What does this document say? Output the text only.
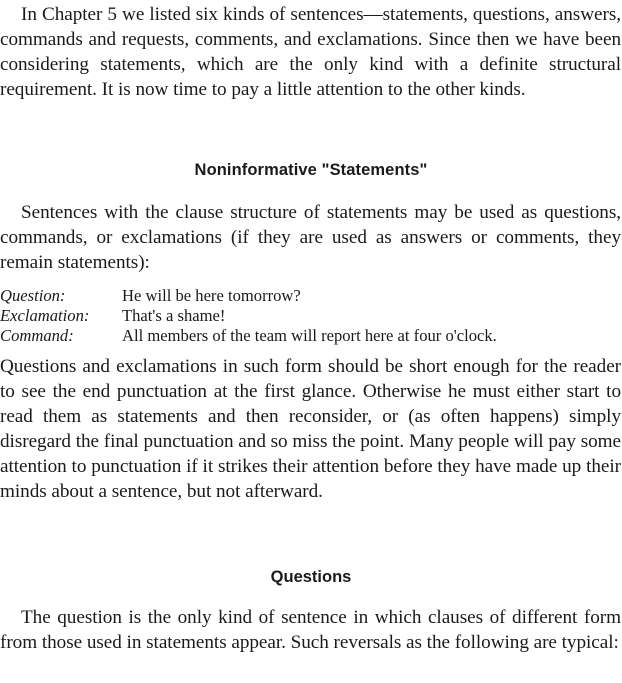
In Chapter 5 we listed six kinds of sentences—statements, questions, answers, commands and requests, comments, and exclamations. Since then we have been considering statements, which are the only kind with a definite structural requirement. It is now time to pay a little attention to the other kinds.

Noninformative "Statements"

Sentences with the clause structure of statements may be used as questions, commands, or exclamations (if they are used as answers or comments, they remain statements):

Question:	He will be here tomorrow?
Exclamation:	That's a shame!
Command:	All members of the team will report here at four o'clock.

Questions and exclamations in such form should be short enough for the reader to see the end punctuation at the first glance. Otherwise he must either start to read them as statements and then reconsider, or (as often happens) simply disregard the final punctuation and so miss the point. Many people will pay some attention to punctuation if it strikes their attention before they have made up their minds about a sentence, but not afterward.

Questions

The question is the only kind of sentence in which clauses of different form from those used in statements appear. Such reversals as the following are typical:
